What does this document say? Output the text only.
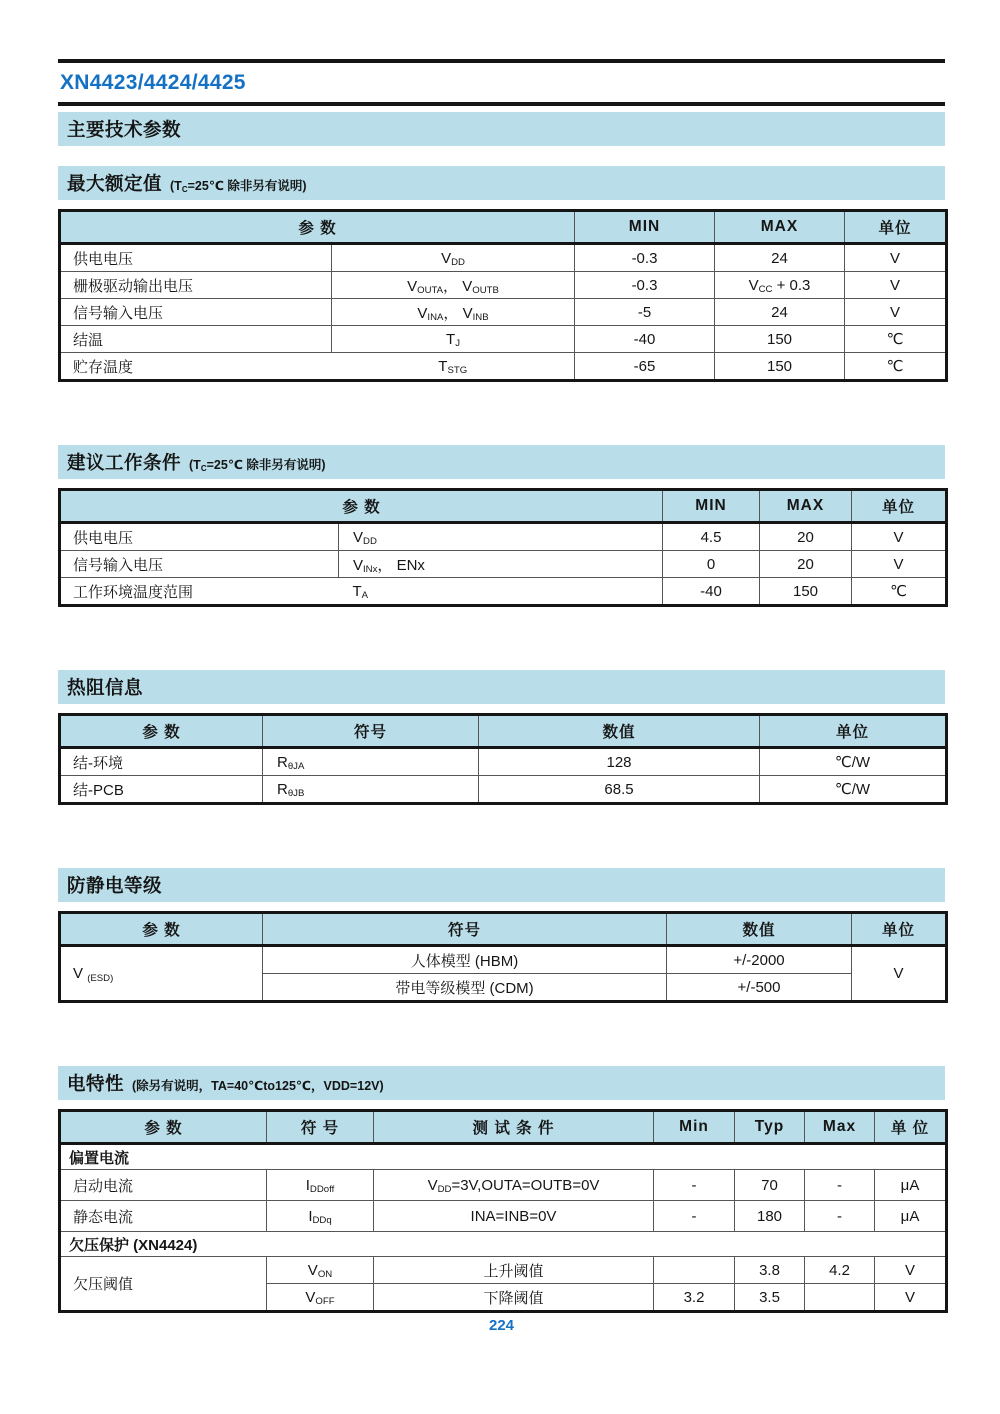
XN4423/4424/4425
主要技术参数
最大额定值 ($T_C=25℃$ 除非另有说明)
参 数		MIN	MAX	单位
供电电压	$V_{DD}$	-0.3	24	V
栅极驱动输出电压	$V_{OUTA}$， $V_{OUTB}$	-0.3	$V_{CC} + 0.3$	V
信号输入电压	$V_{INA}$， $V_{INB}$	-5	24	V
结温	$T_J$	-40	150	℃
贮存温度	$T_{STG}$	-65	150	℃
建议工作条件 ($T_C=25℃$ 除非另有说明)
参 数		MIN	MAX	单位
供电电压	$V_{DD}$	4.5	20	V
信号输入电压	$V_{INx}$， ENx	0	20	V
工作环境温度范围	$T_A$	-40	150	℃
热阻信息
参 数	符号	数值	单位
结-环境	$R_{\theta JA}$	128	℃/W
结-PCB	$R_{\theta JB}$	68.5	℃/W
防静电等级
参 数	符号	数值	单位
V $_{(ESD)}$	人体模型 (HBM)	+/-2000	V
	带电等级模型 (CDM)	+/-500	
电特性 (除另有说明，TA=40℃to125℃，VDD=12V)
参 数	符 号	测 试 条 件	Min	Typ	Max	单 位
偏置电流						
启动电流	$I_{DDoff}$	$V_{DD}=3V,OUTA=OUTB=0V$	-	70	-	μA
静态电流	$I_{DDq}$	INA=INB=0V	-	180	-	μA
欠压保护 (XN4424)						
欠压阈值	$V_{ON}$	上升阈值		3.8	4.2	V
	$V_{OFF}$	下降阈值	3.2	3.5		V
224
